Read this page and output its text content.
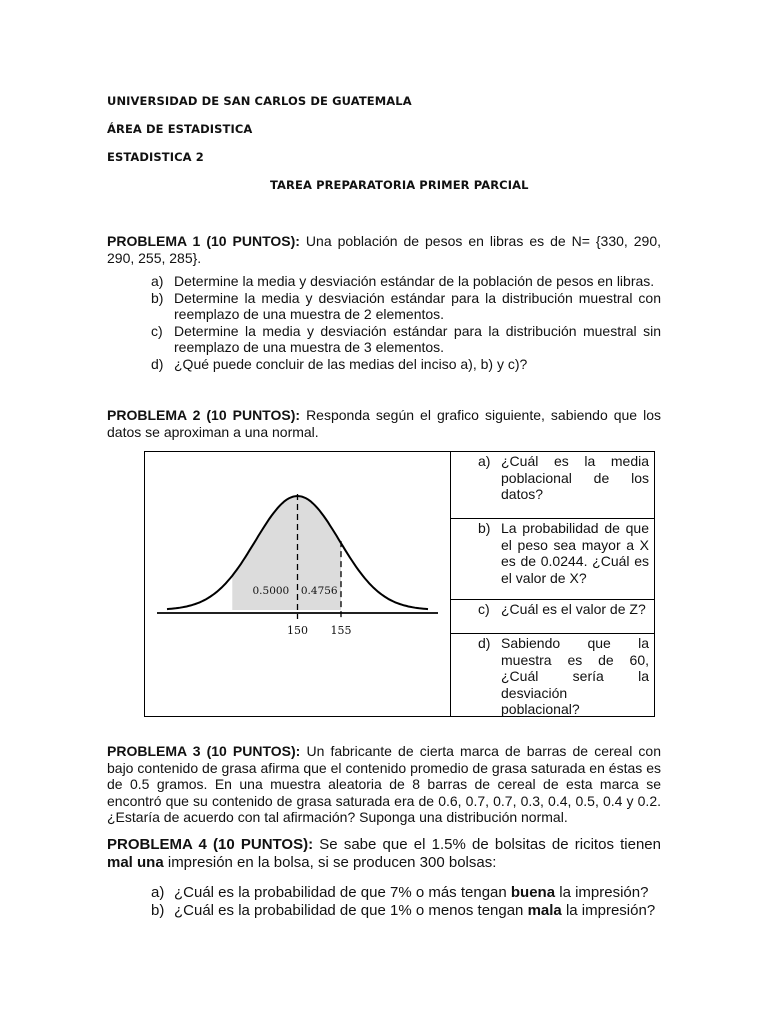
UNIVERSIDAD DE SAN CARLOS DE GUATEMALA
ÁREA DE ESTADISTICA
ESTADISTICA 2
TAREA PREPARATORIA PRIMER PARCIAL
PROBLEMA 1 (10 PUNTOS): Una población de pesos en libras es de N= {330, 290, 290, 255, 285}.
a) Determine la media y desviación estándar de la población de pesos en libras.
b) Determine la media y desviación estándar para la distribución muestral con reemplazo de una muestra de 2 elementos.
c) Determine la media y desviación estándar para la distribución muestral sin reemplazo de una muestra de 3 elementos.
d) ¿Qué puede concluir de las medias del inciso a), b) y c)?
PROBLEMA 2 (10 PUNTOS): Responda según el grafico siguiente, sabiendo que los datos se aproximan a una normal.
0.5000 0.4756
150 155
a) ¿Cuál es la media poblacional de los datos?
b) La probabilidad de que el peso sea mayor a X es de 0.0244. ¿Cuál es el valor de X?
c) ¿Cuál es el valor de Z?
d) Sabiendo que la muestra es de 60, ¿Cuál sería la desviación poblacional?
PROBLEMA 3 (10 PUNTOS): Un fabricante de cierta marca de barras de cereal con bajo contenido de grasa afirma que el contenido promedio de grasa saturada en éstas es de 0.5 gramos. En una muestra aleatoria de 8 barras de cereal de esta marca se encontró que su contenido de grasa saturada era de 0.6, 0.7, 0.7, 0.3, 0.4, 0.5, 0.4 y 0.2. ¿Estaría de acuerdo con tal afirmación? Suponga una distribución normal.
PROBLEMA 4 (10 PUNTOS): Se sabe que el 1.5% de bolsitas de ricitos tienen mal una impresión en la bolsa, si se producen 300 bolsas:
a) ¿Cuál es la probabilidad de que 7% o más tengan buena la impresión?
b) ¿Cuál es la probabilidad de que 1% o menos tengan mala la impresión?
